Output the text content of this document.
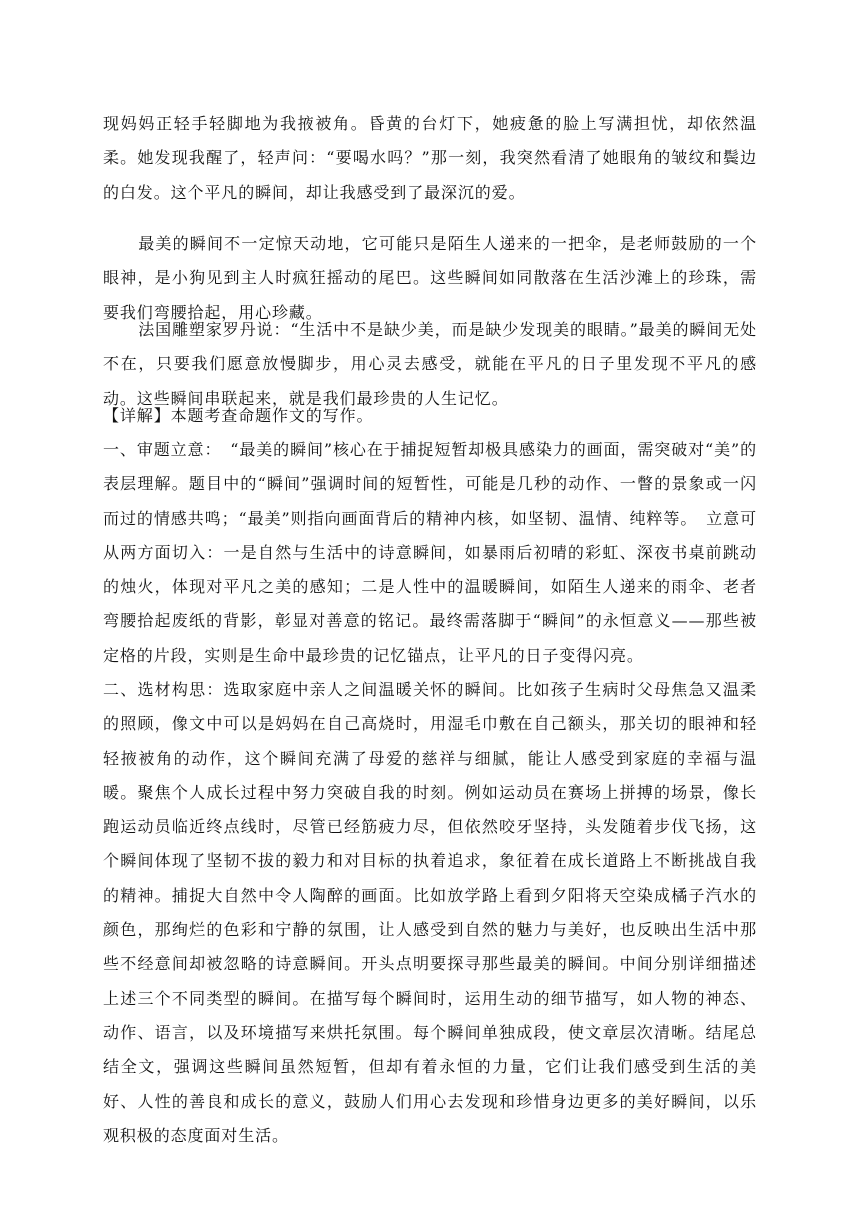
现妈妈正轻手轻脚地为我掖被角。昏黄的台灯下，她疲惫的脸上写满担忧，却依然温柔。她发现我醒了，轻声问：“要喝水吗？”那一刻，我突然看清了她眼角的皱纹和鬓边的白发。这个平凡的瞬间，却让我感受到了最深沉的爱。

最美的瞬间不一定惊天动地，它可能只是陌生人递来的一把伞，是老师鼓励的一个眼神，是小狗见到主人时疯狂摇动的尾巴。这些瞬间如同散落在生活沙滩上的珍珠，需要我们弯腰拾起，用心珍藏。

法国雕塑家罗丹说：“生活中不是缺少美，而是缺少发现美的眼睛。”最美的瞬间无处不在，只要我们愿意放慢脚步，用心灵去感受，就能在平凡的日子里发现不平凡的感动。这些瞬间串联起来，就是我们最珍贵的人生记忆。

【详解】本题考查命题作文的写作。

一、审题立意：　“最美的瞬间”核心在于捕捉短暂却极具感染力的画面，需突破对“美”的表层理解。题目中的“瞬间”强调时间的短暂性，可能是几秒的动作、一瞥的景象或一闪而过的情感共鸣；“最美”则指向画面背后的精神内核，如坚韧、温情、纯粹等。　立意可从两方面切入：一是自然与生活中的诗意瞬间，如暴雨后初晴的彩虹、深夜书桌前跳动的烛火，体现对平凡之美的感知；二是人性中的温暖瞬间，如陌生人递来的雨伞、老者弯腰拾起废纸的背影，彰显对善意的铭记。最终需落脚于“瞬间”的永恒意义——那些被定格的片段，实则是生命中最珍贵的记忆锚点，让平凡的日子变得闪亮。

二、选材构思：选取家庭中亲人之间温暖关怀的瞬间。比如孩子生病时父母焦急又温柔的照顾，像文中可以是妈妈在自己高烧时，用湿毛巾敷在自己额头，那关切的眼神和轻轻掖被角的动作，这个瞬间充满了母爱的慈祥与细腻，能让人感受到家庭的幸福与温暖。聚焦个人成长过程中努力突破自我的时刻。例如运动员在赛场上拼搏的场景，像长跑运动员临近终点线时，尽管已经筋疲力尽，但依然咬牙坚持，头发随着步伐飞扬，这个瞬间体现了坚韧不拔的毅力和对目标的执着追求，象征着在成长道路上不断挑战自我的精神。捕捉大自然中令人陶醉的画面。比如放学路上看到夕阳将天空染成橘子汽水的颜色，那绚烂的色彩和宁静的氛围，让人感受到自然的魅力与美好，也反映出生活中那些不经意间却被忽略的诗意瞬间。开头点明要探寻那些最美的瞬间。中间分别详细描述上述三个不同类型的瞬间。在描写每个瞬间时，运用生动的细节描写，如人物的神态、动作、语言，以及环境描写来烘托氛围。每个瞬间单独成段，使文章层次清晰。结尾总结全文，强调这些瞬间虽然短暂，但却有着永恒的力量，它们让我们感受到生活的美好、人性的善良和成长的意义，鼓励人们用心去发现和珍惜身边更多的美好瞬间，以乐观积极的态度面对生活。
